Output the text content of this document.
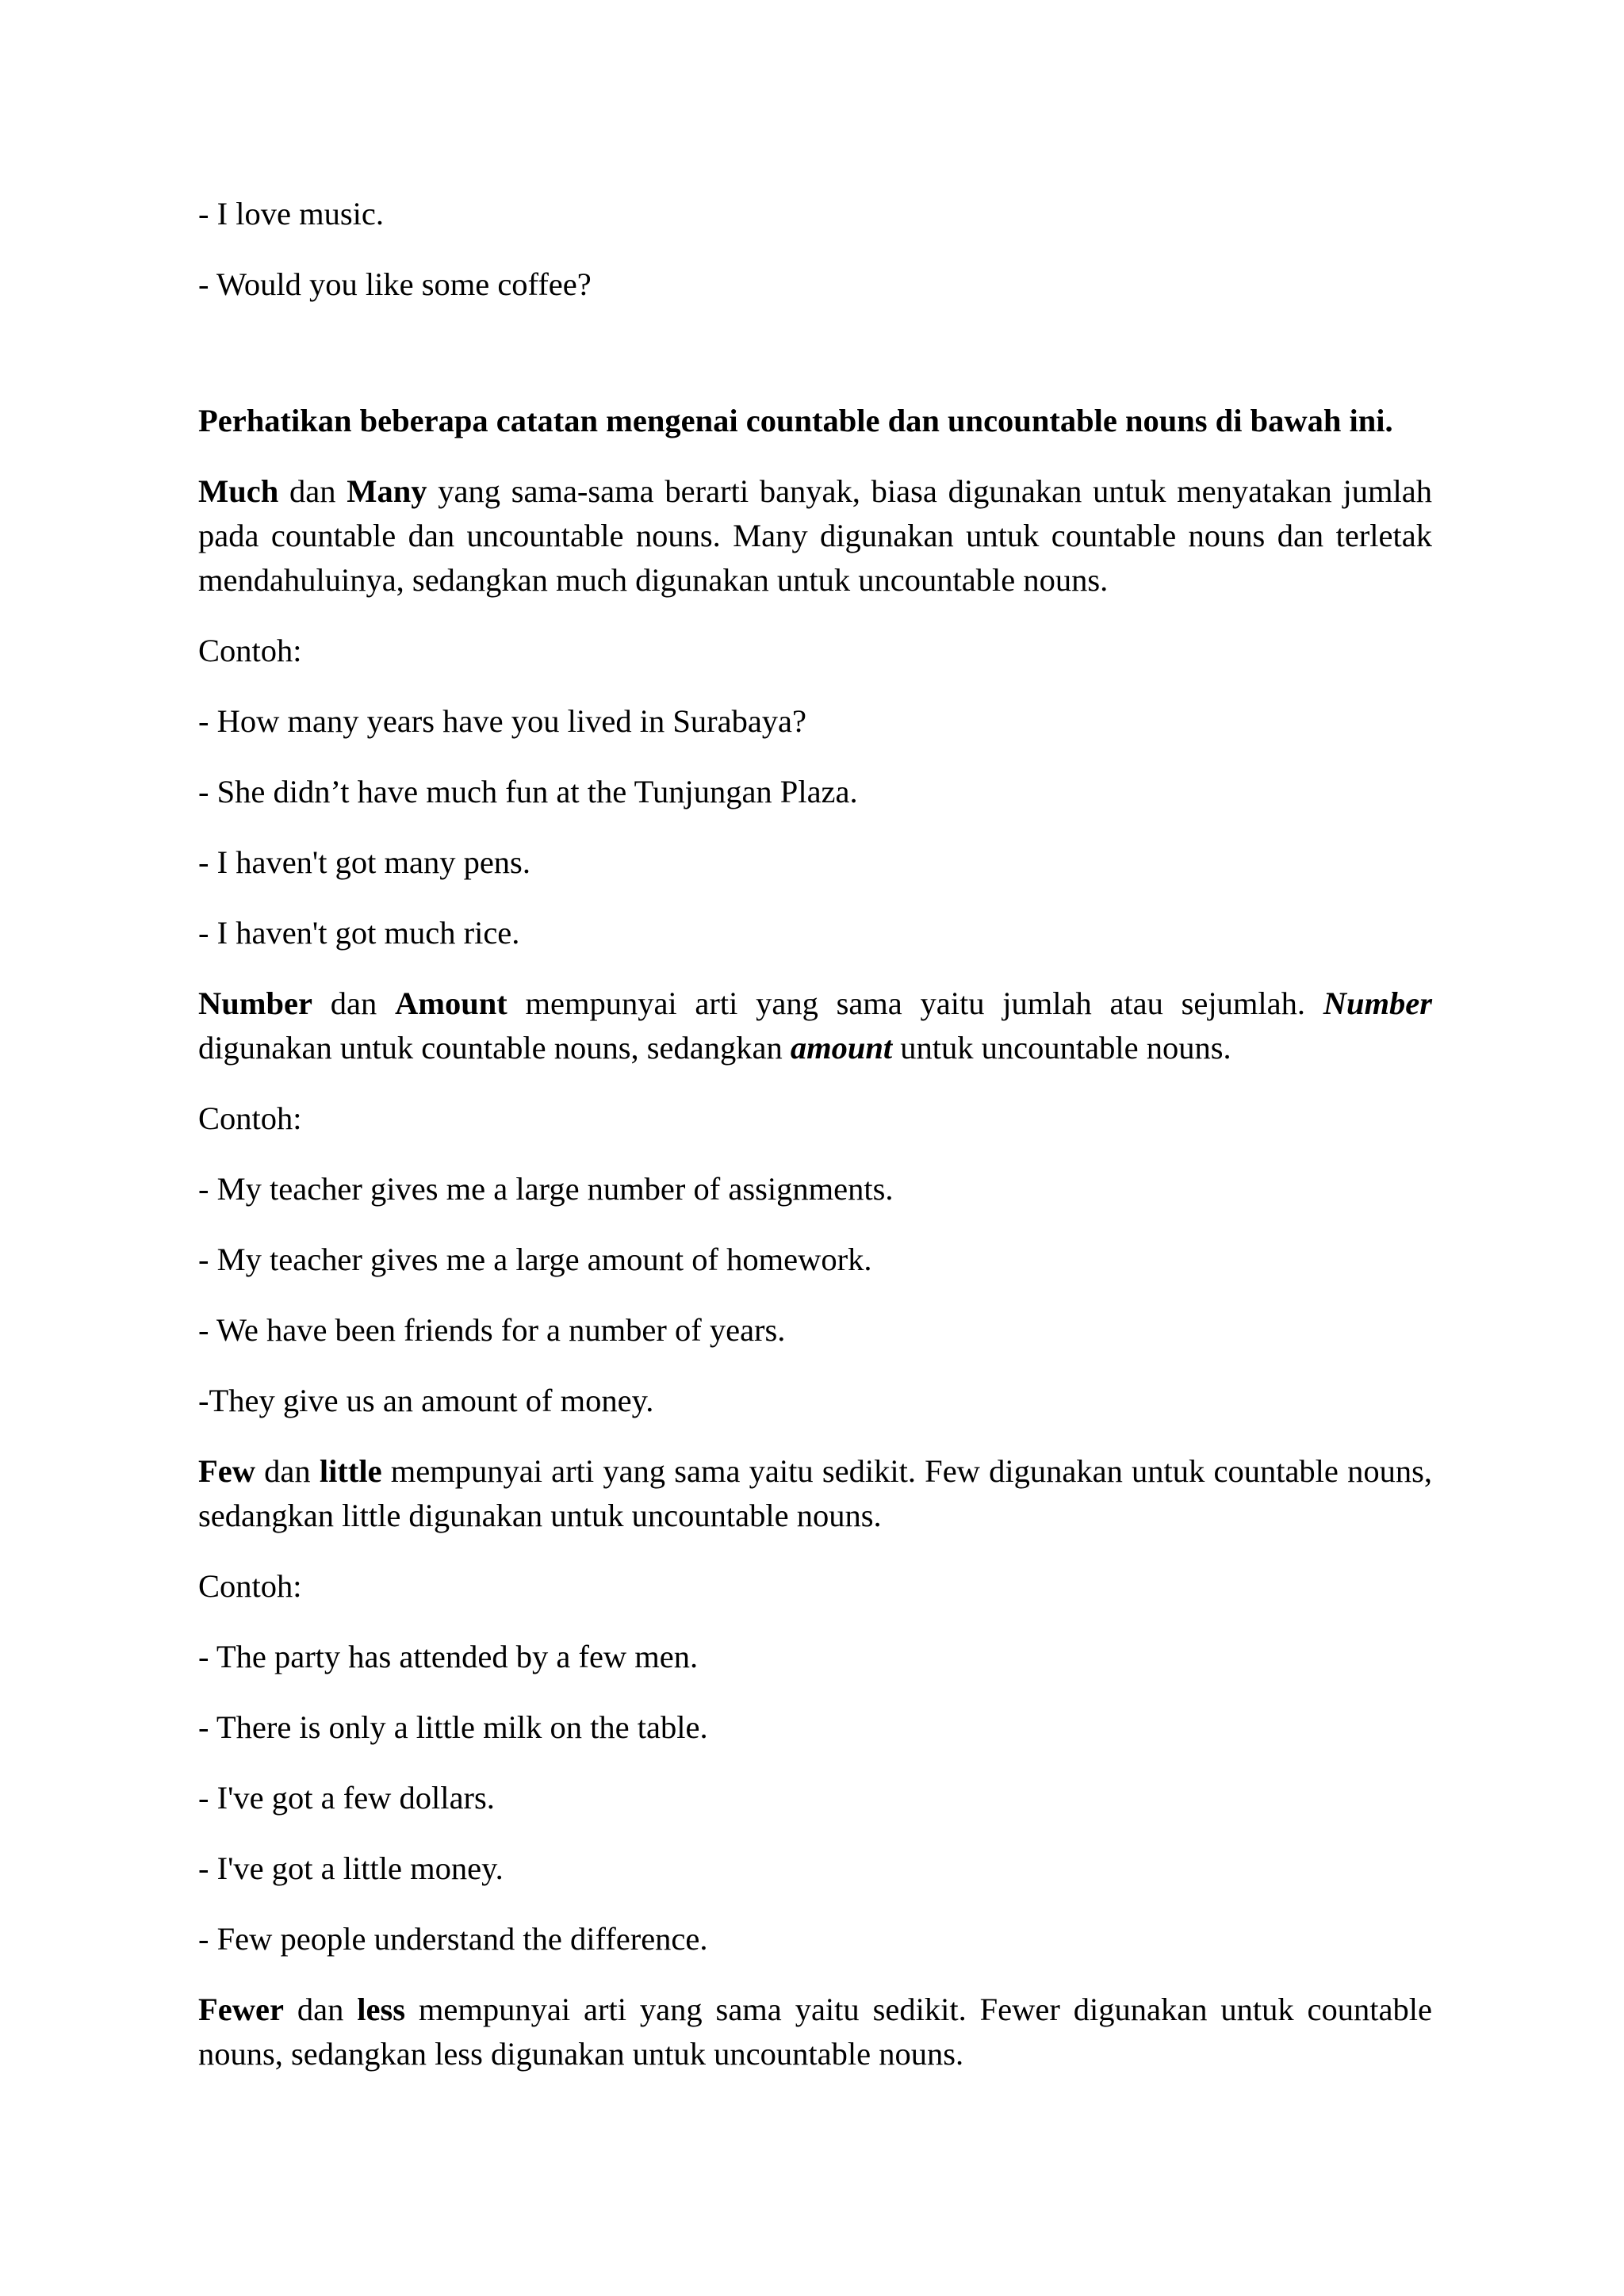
- I love music.

- Would you like some coffee?

Perhatikan beberapa catatan mengenai countable dan uncountable nouns di bawah ini.

Much dan Many yang sama-sama berarti banyak, biasa digunakan untuk menyatakan jumlah pada countable dan uncountable nouns. Many digunakan untuk countable nouns dan terletak mendahuluinya, sedangkan much digunakan untuk uncountable nouns.

Contoh:

- How many years have you lived in Surabaya?

- She didn’t have much fun at the Tunjungan Plaza.

- I haven't got many pens.

- I haven't got much rice.

Number dan Amount mempunyai arti yang sama yaitu jumlah atau sejumlah. Number digunakan untuk countable nouns, sedangkan amount untuk uncountable nouns.

Contoh:

- My teacher gives me a large number of assignments.

- My teacher gives me a large amount of homework.

- We have been friends for a number of years.

-They give us an amount of money.

Few dan little mempunyai arti yang sama yaitu sedikit. Few digunakan untuk countable nouns, sedangkan little digunakan untuk uncountable nouns.

Contoh:

- The party has attended by a few men.

- There is only a little milk on the table.

- I've got a few dollars.

- I've got a little money.

- Few people understand the difference.

Fewer dan less mempunyai arti yang sama yaitu sedikit. Fewer digunakan untuk countable nouns, sedangkan less digunakan untuk uncountable nouns.
